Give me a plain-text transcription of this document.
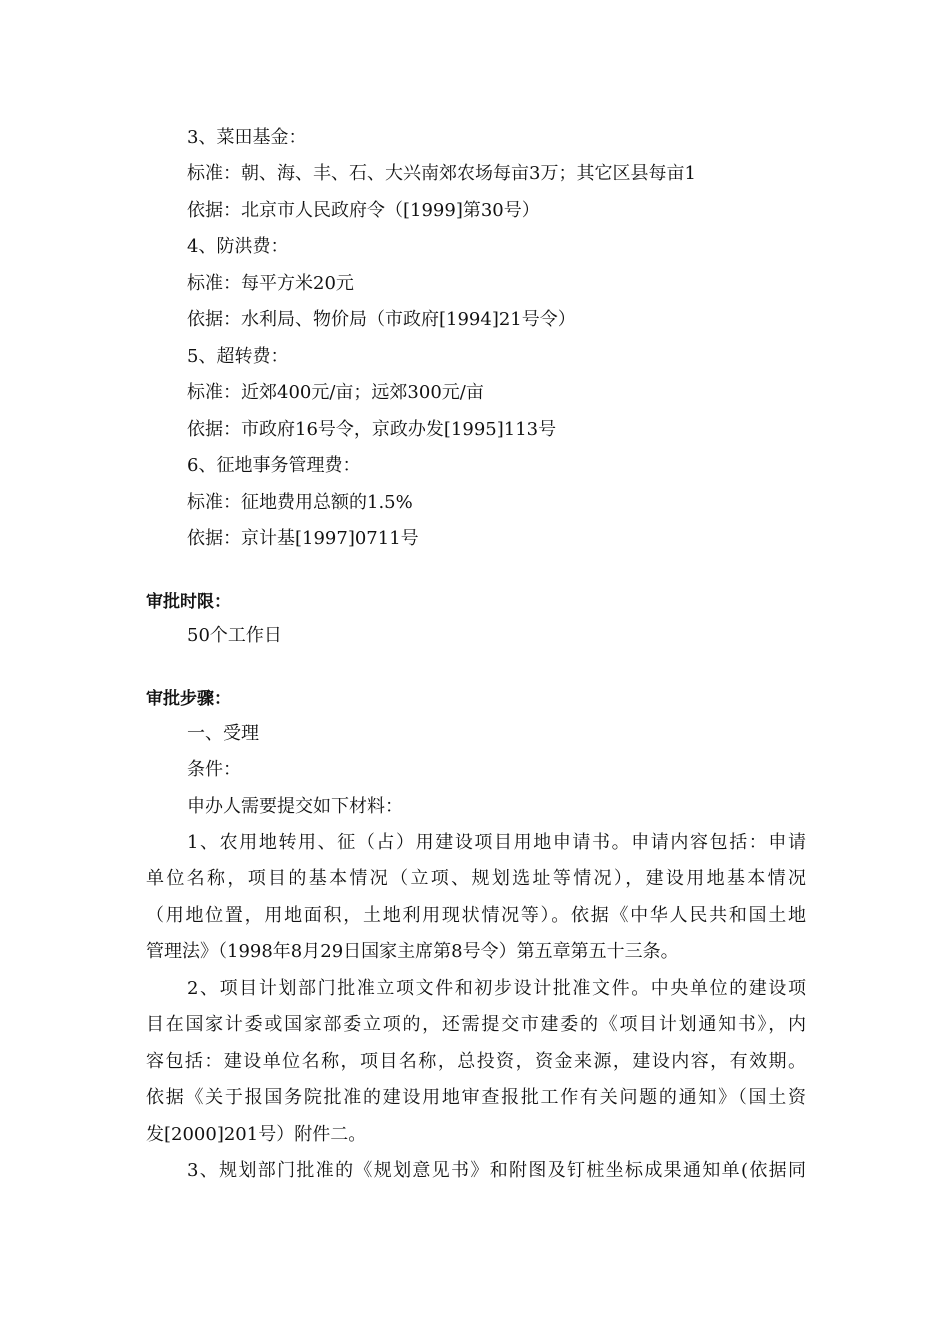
3、菜田基金：
标准：朝、海、丰、石、大兴南郊农场每亩3万；其它区县每亩1
依据：北京市人民政府令（[1999]第30号）
4、防洪费：
标准：每平方米20元
依据：水利局、物价局（市政府[1994]21号令）
5、超转费：
标准：近郊400元/亩；远郊300元/亩
依据：市政府16号令，京政办发[1995]113号
6、征地事务管理费：
标准：征地费用总额的1.5%
依据：京计基[1997]0711号
审批时限：
50个工作日
审批步骤：
一、受理
条件：
申办人需要提交如下材料：
1、农用地转用、征（占）用建设项目用地申请书。申请内容包括：申请
单位名称，项目的基本情况（立项、规划选址等情况），建设用地基本情况
（用地位置，用地面积，土地利用现状情况等）。依据《中华人民共和国土地
管理法》（1998年8月29日国家主席第8号令）第五章第五十三条。
2、项目计划部门批准立项文件和初步设计批准文件。中央单位的建设项
目在国家计委或国家部委立项的，还需提交市建委的《项目计划通知书》，内
容包括：建设单位名称，项目名称，总投资，资金来源，建设内容，有效期。
依据《关于报国务院批准的建设用地审查报批工作有关问题的通知》（国土资
发[2000]201号）附件二。
3、规划部门批准的《规划意见书》和附图及钉桩坐标成果通知单(依据同
